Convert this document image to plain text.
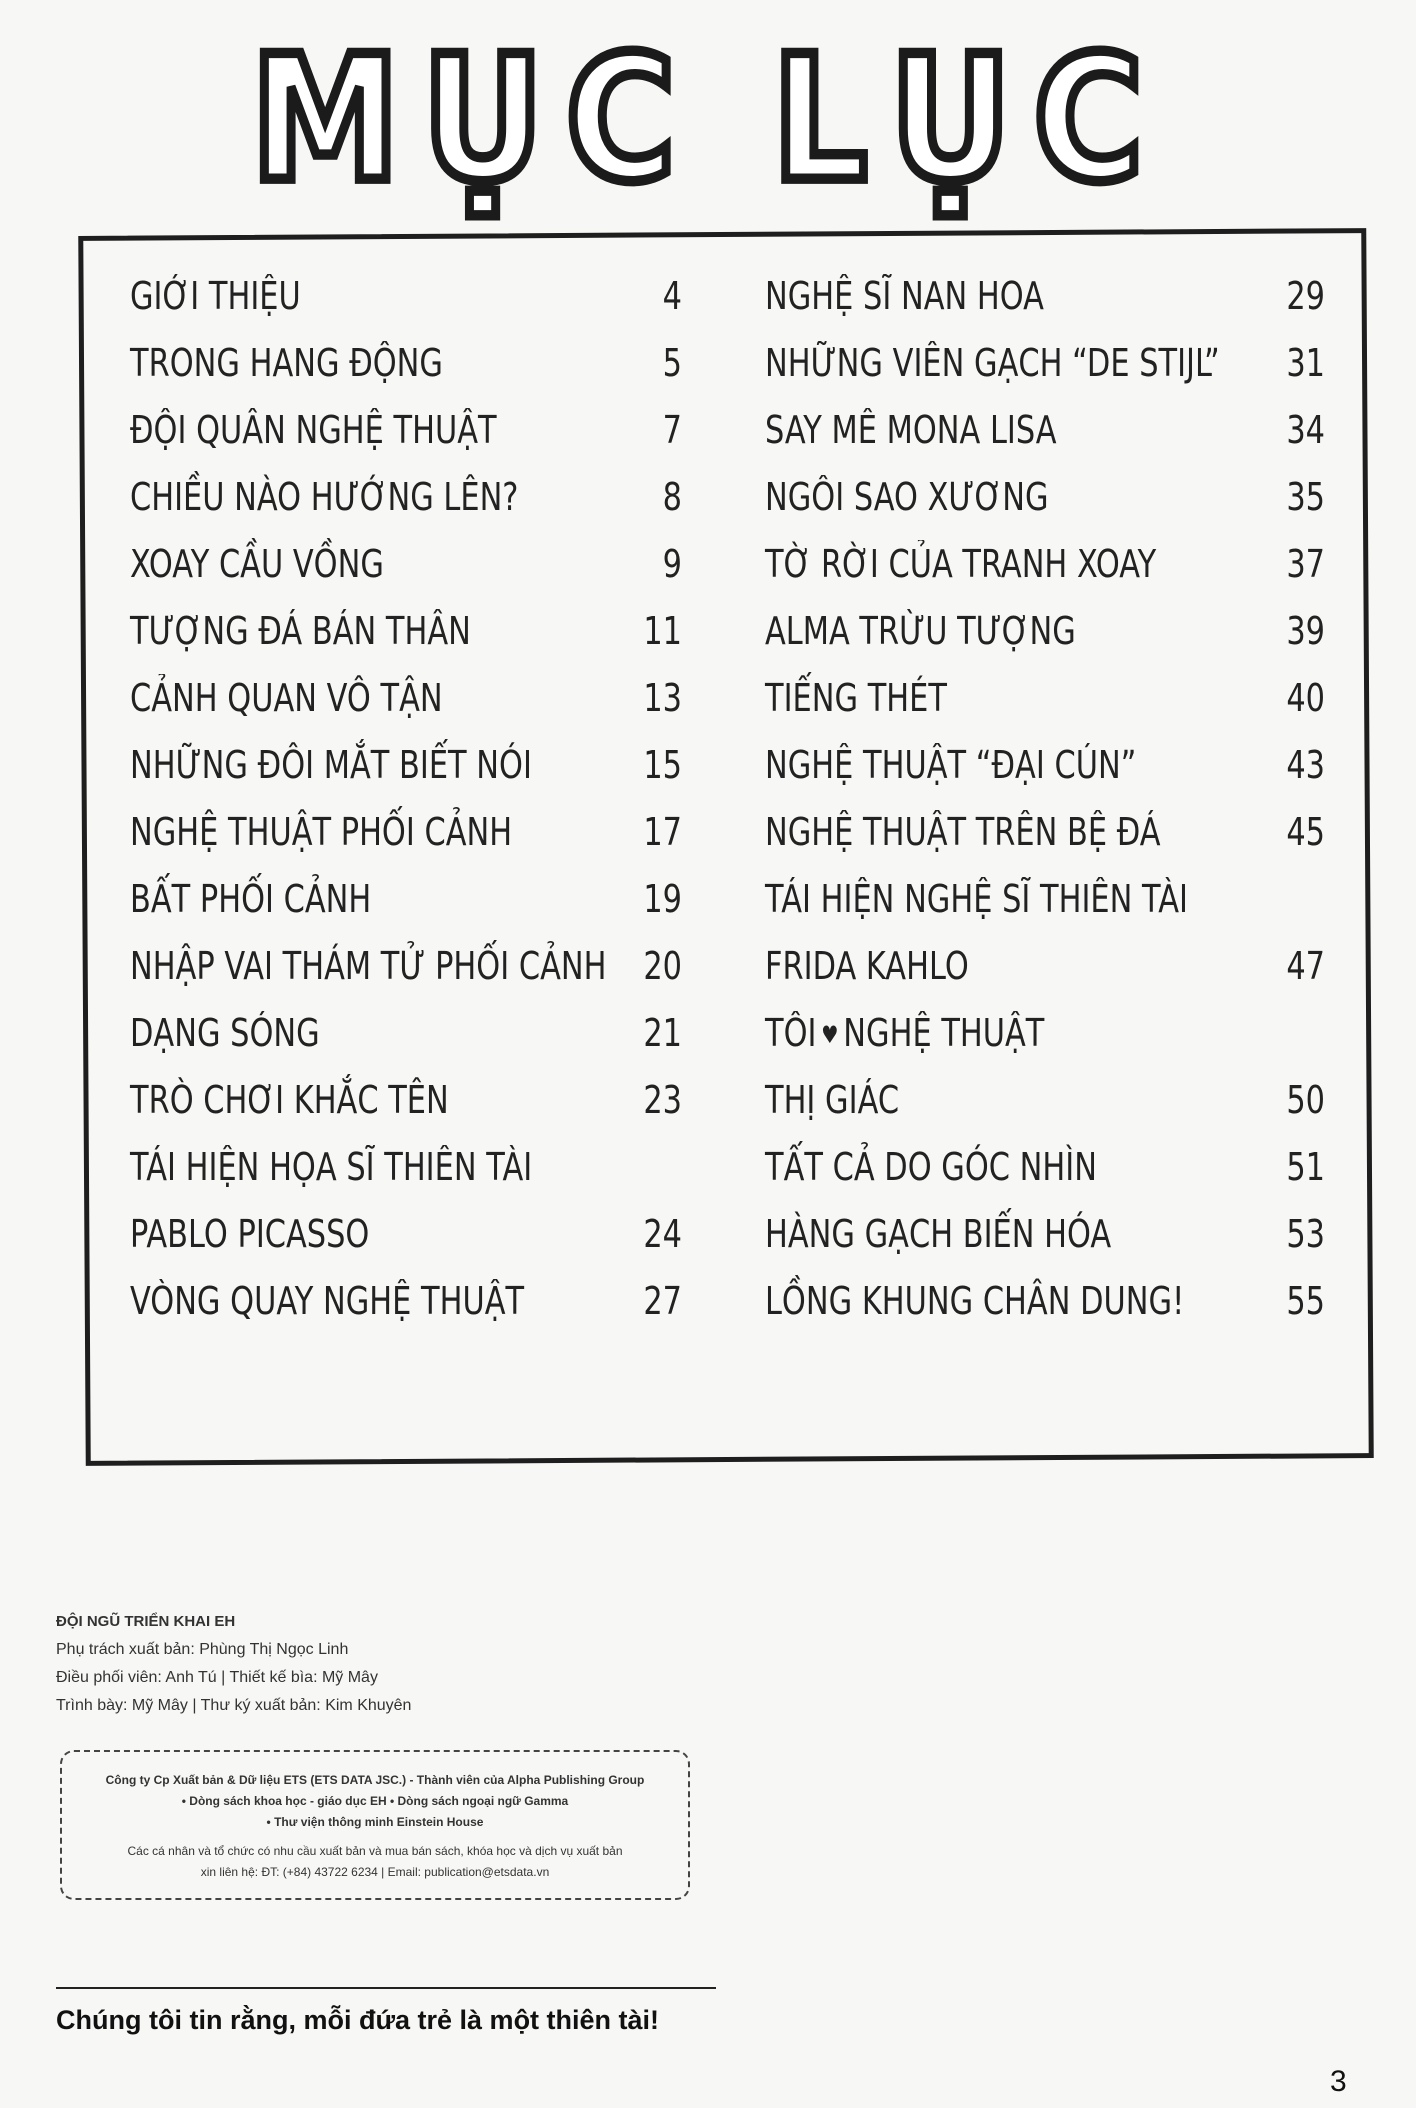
MỤC LỤC
GIỚI THIỆU	4
TRONG HANG ĐỘNG	5
ĐỘI QUÂN NGHỆ THUẬT	7
CHIỀU NÀO HƯỚNG LÊN?	8
XOAY CẦU VỒNG	9
TƯỢNG ĐÁ BÁN THÂN	11
CẢNH QUAN VÔ TẬN	13
NHỮNG ĐÔI MẮT BIẾT NÓI	15
NGHỆ THUẬT PHỐI CẢNH	17
BẤT PHỐI CẢNH	19
NHẬP VAI THÁM TỬ PHỐI CẢNH 20
DẠNG SÓNG	21
TRÒ CHƠI KHẮC TÊN	23
TÁI HIỆN HỌA SĨ THIÊN TÀI
PABLO PICASSO	24
VÒNG QUAY NGHỆ THUẬT	27
NGHỆ SĨ NAN HOA	29
NHỮNG VIÊN GẠCH “DE STIJL” 31
SAY MÊ MONA LISA	34
NGÔI SAO XƯƠNG	35
TỜ RỜI CỦA TRANH XOAY	37
ALMA TRỪU TƯỢNG	39
TIẾNG THÉT	40
NGHỆ THUẬT “ĐẠI CÚN”	43
NGHỆ THUẬT TRÊN BỆ ĐÁ	45
TÁI HIỆN NGHỆ SĨ THIÊN TÀI
FRIDA KAHLO	47
TÔI ♥ NGHỆ THUẬT
THỊ GIÁC	50
TẤT CẢ DO GÓC NHÌN	51
HÀNG GẠCH BIẾN HÓA	53
LỒNG KHUNG CHÂN DUNG!	55
ĐỘI NGŨ TRIỂN KHAI EH
Phụ trách xuất bản: Phùng Thị Ngọc Linh
Điều phối viên: Anh Tú | Thiết kế bìa: Mỹ Mây
Trình bày: Mỹ Mây | Thư ký xuất bản: Kim Khuyên
Công ty Cp Xuất bản & Dữ liệu ETS (ETS DATA JSC.) - Thành viên của Alpha Publishing Group
• Dòng sách khoa học - giáo dục EH • Dòng sách ngoại ngữ Gamma
• Thư viện thông minh Einstein House
Các cá nhân và tổ chức có nhu cầu xuất bản và mua bán sách, khóa học và dịch vụ xuất bản
xin liên hệ: ĐT: (+84) 43722 6234 | Email: publication@etsdata.vn
Chúng tôi tin rằng, mỗi đứa trẻ là một thiên tài!
3
